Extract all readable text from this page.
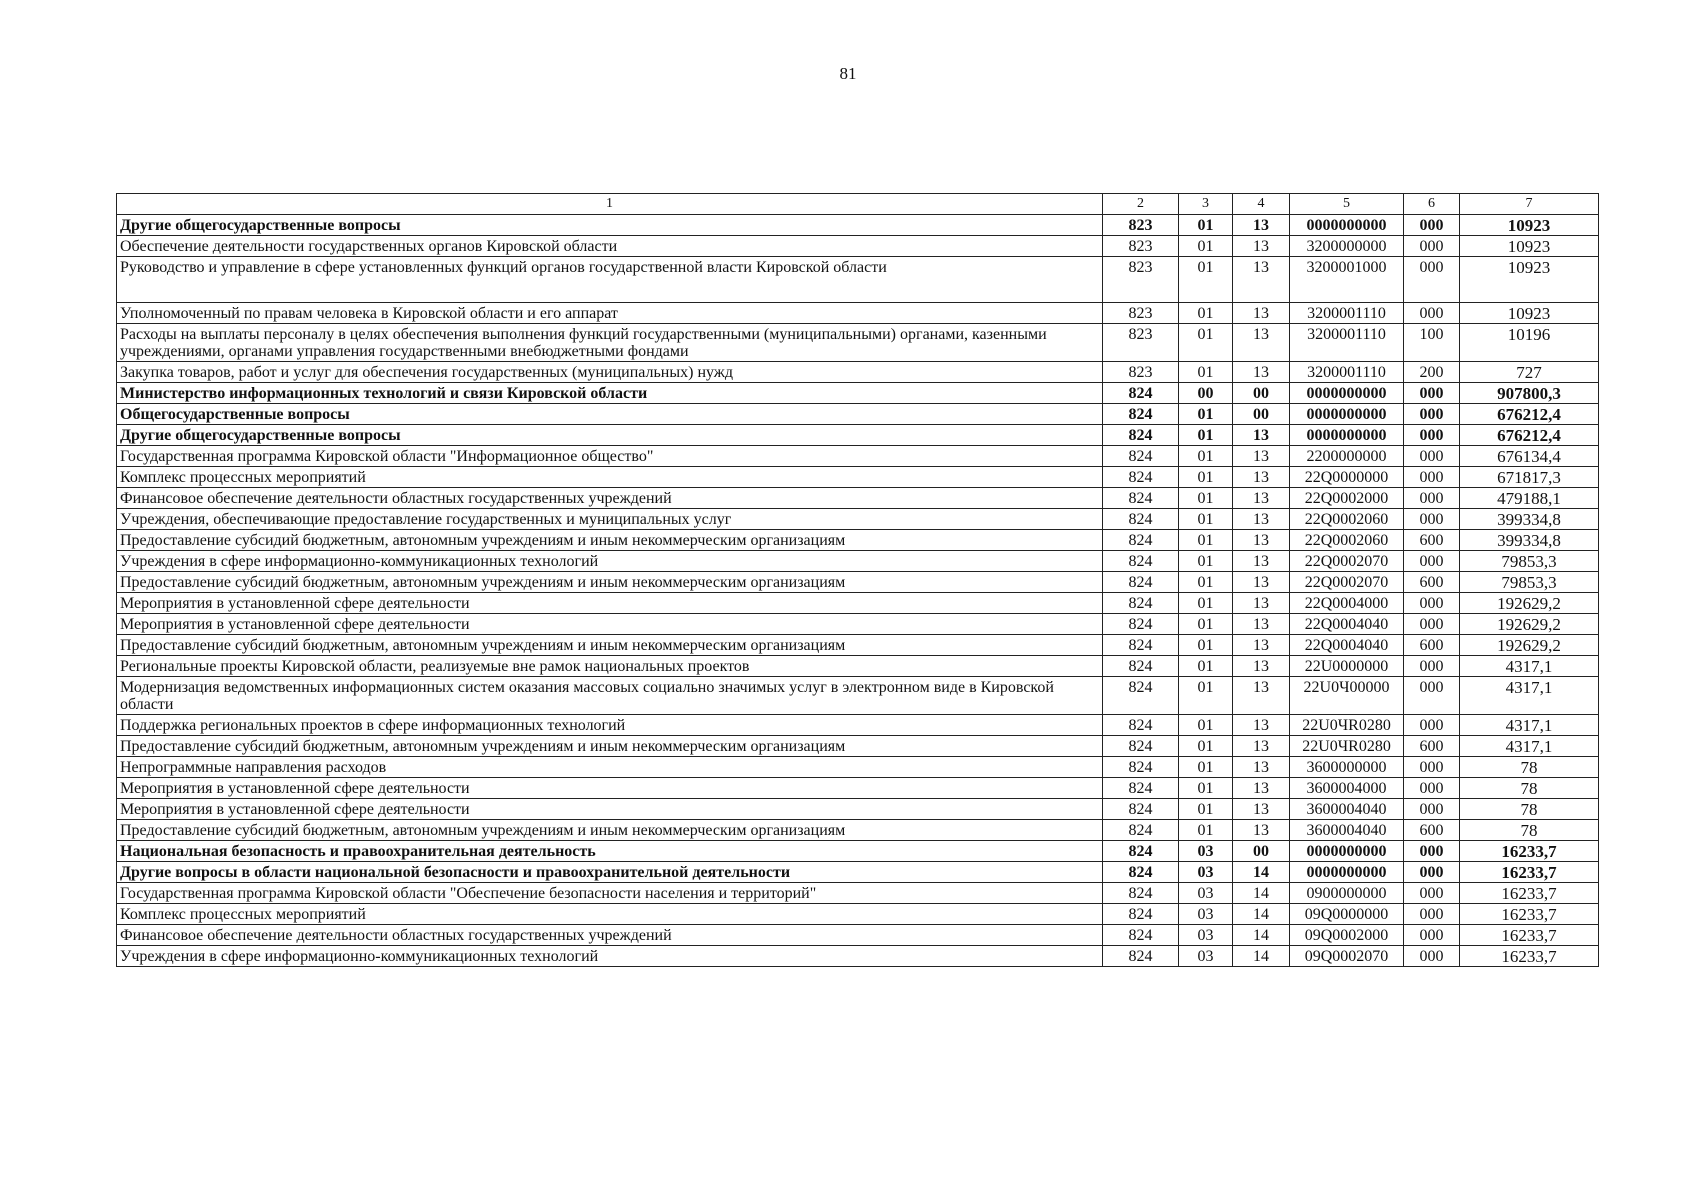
81
1	2	3	4	5	6	7
Другие общегосударственные вопросы	823	01	13	0000000000	000	10923
Обеспечение деятельности государственных органов Кировской области	823	01	13	3200000000	000	10923
Руководство и управление в сфере установленных функций органов государственной власти Кировской области	823	01	13	3200001000	000	10923
Уполномоченный по правам человека в Кировской области и его аппарат	823	01	13	3200001110	000	10923
Расходы на выплаты персоналу в целях обеспечения выполнения функций государственными (муниципальными) органами, казенными учреждениями, органами управления государственными внебюджетными фондами	823	01	13	3200001110	100	10196
Закупка товаров, работ и услуг для обеспечения государственных (муниципальных) нужд	823	01	13	3200001110	200	727
Министерство информационных технологий и связи Кировской области	824	00	00	0000000000	000	907800,3
Общегосударственные вопросы	824	01	00	0000000000	000	676212,4
Другие общегосударственные вопросы	824	01	13	0000000000	000	676212,4
Государственная программа Кировской области "Информационное общество"	824	01	13	2200000000	000	676134,4
Комплекс процессных мероприятий	824	01	13	22Q0000000	000	671817,3
Финансовое обеспечение деятельности областных государственных учреждений	824	01	13	22Q0002000	000	479188,1
Учреждения, обеспечивающие предоставление государственных и муниципальных услуг	824	01	13	22Q0002060	000	399334,8
Предоставление субсидий бюджетным, автономным учреждениям и иным некоммерческим организациям	824	01	13	22Q0002060	600	399334,8
Учреждения в сфере информационно-коммуникационных технологий	824	01	13	22Q0002070	000	79853,3
Предоставление субсидий бюджетным, автономным учреждениям и иным некоммерческим организациям	824	01	13	22Q0002070	600	79853,3
Мероприятия в установленной сфере деятельности	824	01	13	22Q0004000	000	192629,2
Мероприятия в установленной сфере деятельности	824	01	13	22Q0004040	000	192629,2
Предоставление субсидий бюджетным, автономным учреждениям и иным некоммерческим организациям	824	01	13	22Q0004040	600	192629,2
Региональные проекты Кировской области, реализуемые вне рамок национальных проектов	824	01	13	22U0000000	000	4317,1
Модернизация ведомственных информационных систем оказания массовых социально значимых услуг в электронном виде в Кировской области	824	01	13	22U0Ч00000	000	4317,1
Поддержка региональных проектов в сфере информационных технологий	824	01	13	22U0ЧR0280	000	4317,1
Предоставление субсидий бюджетным, автономным учреждениям и иным некоммерческим организациям	824	01	13	22U0ЧR0280	600	4317,1
Непрограммные направления расходов	824	01	13	3600000000	000	78
Мероприятия в установленной сфере деятельности	824	01	13	3600004000	000	78
Мероприятия в установленной сфере деятельности	824	01	13	3600004040	000	78
Предоставление субсидий бюджетным, автономным учреждениям и иным некоммерческим организациям	824	01	13	3600004040	600	78
Национальная безопасность и правоохранительная деятельность	824	03	00	0000000000	000	16233,7
Другие вопросы в области национальной безопасности и правоохранительной деятельности	824	03	14	0000000000	000	16233,7
Государственная программа Кировской области "Обеспечение безопасности населения и территорий"	824	03	14	0900000000	000	16233,7
Комплекс процессных мероприятий	824	03	14	09Q0000000	000	16233,7
Финансовое обеспечение деятельности областных государственных учреждений	824	03	14	09Q0002000	000	16233,7
Учреждения в сфере информационно-коммуникационных технологий	824	03	14	09Q0002070	000	16233,7
